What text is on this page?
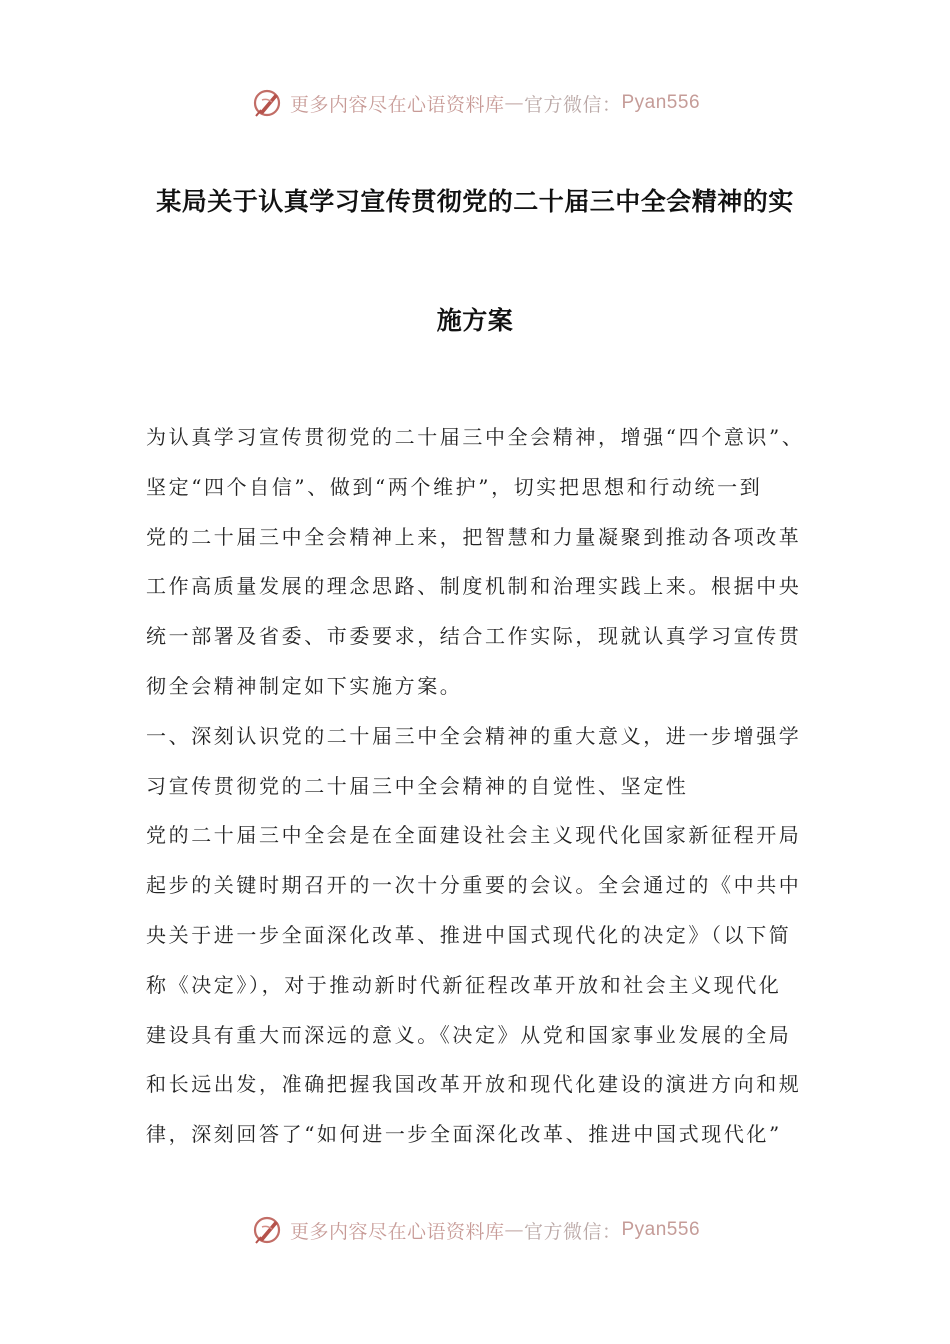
更多内容尽在心语资料库 — 官方微信： Pyan556
某局关于认真学习宣传贯彻党的二十届三中全会精神的实
施方案
为认真学习宣传贯彻党的二十届三中全会精神，增强“四个意识”、
坚定“四个自信”、做到“两个维护”，切实把思想和行动统一到
党的二十届三中全会精神上来，把智慧和力量凝聚到推动各项改革
工作高质量发展的理念思路、制度机制和治理实践上来。根据中央
统一部署及省委、市委要求，结合工作实际，现就认真学习宣传贯
彻全会精神制定如下实施方案。
一、深刻认识党的二十届三中全会精神的重大意义，进一步增强学
习宣传贯彻党的二十届三中全会精神的自觉性、坚定性
党的二十届三中全会是在全面建设社会主义现代化国家新征程开局
起步的关键时期召开的一次十分重要的会议。全会通过的《中共中
央关于进一步全面深化改革、推进中国式现代化的决定》（以下简
称《决定》），对于推动新时代新征程改革开放和社会主义现代化
建设具有重大而深远的意义。《决定》从党和国家事业发展的全局
和长远出发，准确把握我国改革开放和现代化建设的演进方向和规
律，深刻回答了“如何进一步全面深化改革、推进中国式现代化”
更多内容尽在心语资料库 — 官方微信： Pyan556
